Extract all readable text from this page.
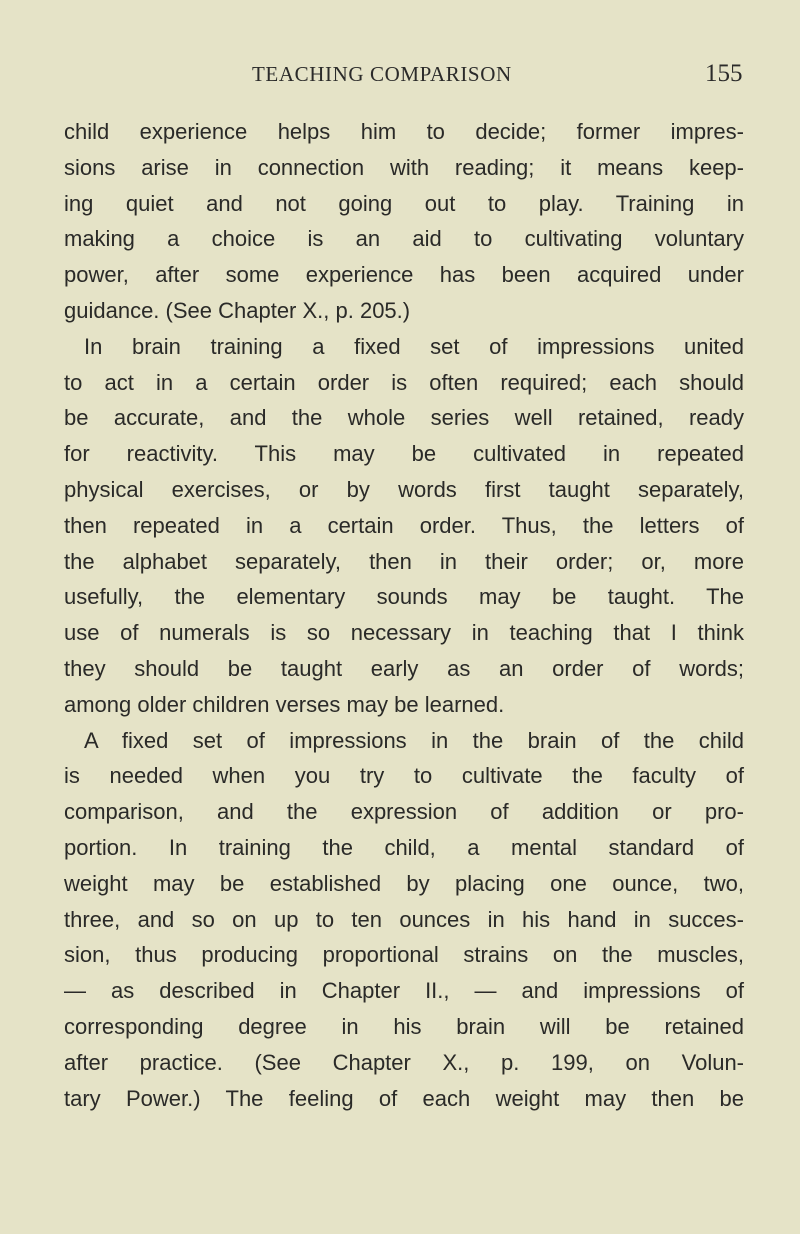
TEACHING COMPARISON	155
child experience helps him to decide; former impres-
sions arise in connection with reading; it means keep-
ing quiet and not going out to play. Training in
making a choice is an aid to cultivating voluntary
power, after some experience has been acquired under
guidance. (See Chapter X., p. 205.)
In brain training a fixed set of impressions united
to act in a certain order is often required; each should
be accurate, and the whole series well retained, ready
for reactivity. This may be cultivated in repeated
physical exercises, or by words first taught separately,
then repeated in a certain order. Thus, the letters of
the alphabet separately, then in their order; or, more
usefully, the elementary sounds may be taught. The
use of numerals is so necessary in teaching that I think
they should be taught early as an order of words;
among older children verses may be learned.
A fixed set of impressions in the brain of the child
is needed when you try to cultivate the faculty of
comparison, and the expression of addition or pro-
portion. In training the child, a mental standard of
weight may be established by placing one ounce, two,
three, and so on up to ten ounces in his hand in succes-
sion, thus producing proportional strains on the muscles,
— as described in Chapter II., — and impressions of
corresponding degree in his brain will be retained
after practice. (See Chapter X., p. 199, on Volun-
tary Power.) The feeling of each weight may then be
